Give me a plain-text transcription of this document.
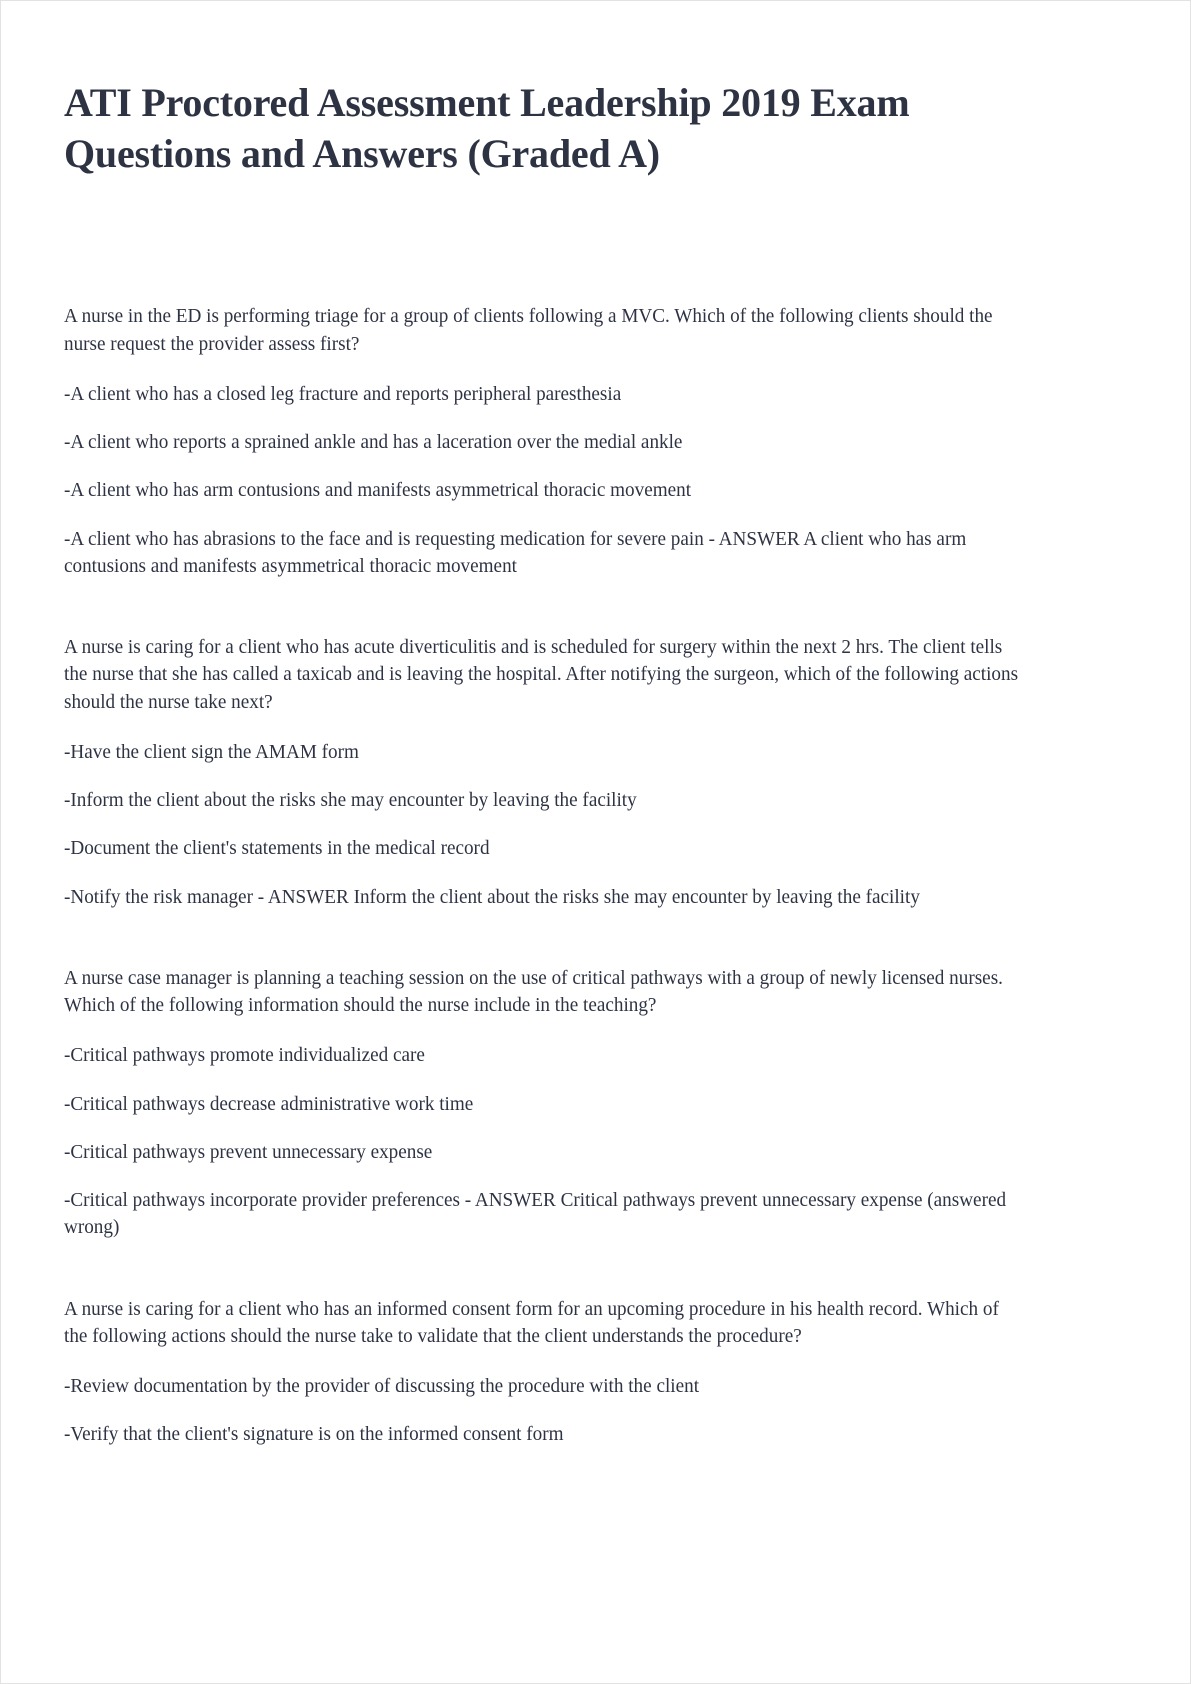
ATI Proctored Assessment Leadership 2019 Exam Questions and Answers (Graded A)

A nurse in the ED is performing triage for a group of clients following a MVC. Which of the following clients should the nurse request the provider assess first?

-A client who has a closed leg fracture and reports peripheral paresthesia

-A client who reports a sprained ankle and has a laceration over the medial ankle

-A client who has arm contusions and manifests asymmetrical thoracic movement

-A client who has abrasions to the face and is requesting medication for severe pain - ANSWER A client who has arm contusions and manifests asymmetrical thoracic movement

A nurse is caring for a client who has acute diverticulitis and is scheduled for surgery within the next 2 hrs. The client tells the nurse that she has called a taxicab and is leaving the hospital. After notifying the surgeon, which of the following actions should the nurse take next?

-Have the client sign the AMAM form

-Inform the client about the risks she may encounter by leaving the facility

-Document the client's statements in the medical record

-Notify the risk manager - ANSWER Inform the client about the risks she may encounter by leaving the facility

A nurse case manager is planning a teaching session on the use of critical pathways with a group of newly licensed nurses. Which of the following information should the nurse include in the teaching?

-Critical pathways promote individualized care

-Critical pathways decrease administrative work time

-Critical pathways prevent unnecessary expense

-Critical pathways incorporate provider preferences - ANSWER Critical pathways prevent unnecessary expense (answered wrong)

A nurse is caring for a client who has an informed consent form for an upcoming procedure in his health record. Which of the following actions should the nurse take to validate that the client understands the procedure?

-Review documentation by the provider of discussing the procedure with the client

-Verify that the client's signature is on the informed consent form
